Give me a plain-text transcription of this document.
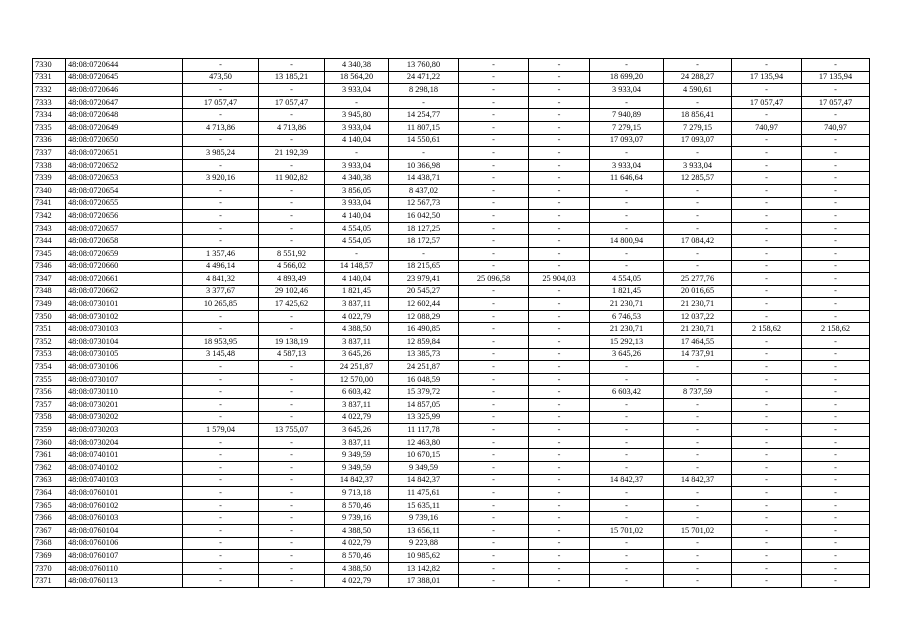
7330	48:08:0720644	-	-	4 340,38	13 760,80	-	-	-	-	-	-
7331	48:08:0720645	473,50	13 185,21	18 564,20	24 471,22	-	-	18 699,20	24 288,27	17 135,94	17 135,94
7332	48:08:0720646	-	-	3 933,04	8 298,18	-	-	3 933,04	4 590,61	-	-
7333	48:08:0720647	17 057,47	17 057,47	-	-	-	-	-	-	17 057,47	17 057,47
7334	48:08:0720648	-	-	3 945,80	14 254,77	-	-	7 940,89	18 856,41	-	-
7335	48:08:0720649	4 713,86	4 713,86	3 933,04	11 807,15	-	-	7 279,15	7 279,15	740,97	740,97
7336	48:08:0720650	-	-	4 140,04	14 550,61	-	-	17 093,07	17 093,07	-	-
7337	48:08:0720651	3 985,24	21 192,39	-	-	-	-	-	-	-	-
7338	48:08:0720652	-	-	3 933,04	10 366,98	-	-	3 933,04	3 933,04	-	-
7339	48:08:0720653	3 920,16	11 902,82	4 340,38	14 438,71	-	-	11 646,64	12 285,57	-	-
7340	48:08:0720654	-	-	3 856,05	8 437,02	-	-	-	-	-	-
7341	48:08:0720655	-	-	3 933,04	12 567,73	-	-	-	-	-	-
7342	48:08:0720656	-	-	4 140,04	16 042,50	-	-	-	-	-	-
7343	48:08:0720657	-	-	4 554,05	18 127,25	-	-	-	-	-	-
7344	48:08:0720658	-	-	4 554,05	18 172,57	-	-	14 800,94	17 084,42	-	-
7345	48:08:0720659	1 357,46	8 551,92	-	-	-	-	-	-	-	-
7346	48:08:0720660	4 496,14	4 566,02	14 148,57	18 215,65	-	-	-	-	-	-
7347	48:08:0720661	4 841,32	4 893,49	4 140,04	23 979,41	25 096,58	25 904,03	4 554,05	25 277,76	-	-
7348	48:08:0720662	3 377,67	29 102,46	1 821,45	20 545,27	-	-	1 821,45	20 016,65	-	-
7349	48:08:0730101	10 265,85	17 425,62	3 837,11	12 602,44	-	-	21 230,71	21 230,71	-	-
7350	48:08:0730102	-	-	4 022,79	12 088,29	-	-	6 746,53	12 037,22	-	-
7351	48:08:0730103	-	-	4 388,50	16 490,85	-	-	21 230,71	21 230,71	2 158,62	2 158,62
7352	48:08:0730104	18 953,95	19 138,19	3 837,11	12 859,84	-	-	15 292,13	17 464,55	-	-
7353	48:08:0730105	3 145,48	4 587,13	3 645,26	13 385,73	-	-	3 645,26	14 737,91	-	-
7354	48:08:0730106	-	-	24 251,87	24 251,87	-	-	-	-	-	-
7355	48:08:0730107	-	-	12 570,00	16 048,59	-	-	-	-	-	-
7356	48:08:0730110	-	-	6 603,42	15 379,72	-	-	6 603,42	8 737,59	-	-
7357	48:08:0730201	-	-	3 837,11	14 857,05	-	-	-	-	-	-
7358	48:08:0730202	-	-	4 022,79	13 325,99	-	-	-	-	-	-
7359	48:08:0730203	1 579,04	13 755,07	3 645,26	11 117,78	-	-	-	-	-	-
7360	48:08:0730204	-	-	3 837,11	12 463,80	-	-	-	-	-	-
7361	48:08:0740101	-	-	9 349,59	10 670,15	-	-	-	-	-	-
7362	48:08:0740102	-	-	9 349,59	9 349,59	-	-	-	-	-	-
7363	48:08:0740103	-	-	14 842,37	14 842,37	-	-	14 842,37	14 842,37	-	-
7364	48:08:0760101	-	-	9 713,18	11 475,61	-	-	-	-	-	-
7365	48:08:0760102	-	-	8 570,46	15 635,11	-	-	-	-	-	-
7366	48:08:0760103	-	-	9 739,16	9 739,16	-	-	-	-	-	-
7367	48:08:0760104	-	-	4 388,50	13 656,11	-	-	15 701,02	15 701,02	-	-
7368	48:08:0760106	-	-	4 022,79	9 223,88	-	-	-	-	-	-
7369	48:08:0760107	-	-	8 570,46	10 985,62	-	-	-	-	-	-
7370	48:08:0760110	-	-	4 388,50	13 142,82	-	-	-	-	-	-
7371	48:08:0760113	-	-	4 022,79	17 388,01	-	-	-	-	-	-
